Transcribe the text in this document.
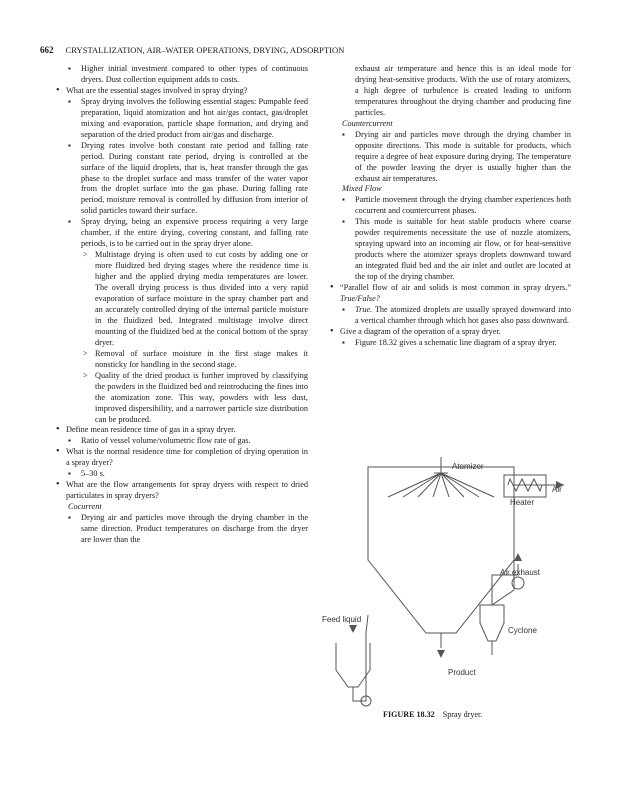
662 CRYSTALLIZATION, AIR–WATER OPERATIONS, DRYING, ADSORPTION
▪ Higher initial investment compared to other types of continuous dryers. Dust collection equipment adds to costs.
• What are the essential stages involved in spray drying?
▪ Spray drying involves the following essential stages: Pumpable feed preparation, liquid atomization and hot air/gas contact, gas/droplet mixing and evaporation, particle shape formation, and drying and separation of the dried product from air/gas and discharge.
▪ Drying rates involve both constant rate period and falling rate period. During constant rate period, drying is controlled at the surface of the liquid droplets, that is, heat transfer through the gas phase to the droplet surface and mass transfer of the water vapor from the droplet surface into the gas phase. During falling rate period, moisture removal is controlled by diffusion from interior of solid particles toward their surface.
▪ Spray drying, being an expensive process requiring a very large chamber, if the entire drying, covering constant, and falling rate periods, is to be carried out in the spray dryer alone.
> Multistage drying is often used to cut costs by adding one or more fluidized bed drying stages where the residence time is higher and the applied drying media temperatures are lower. The overall drying process is thus divided into a very rapid evaporation of surface moisture in the spray chamber part and an accurately controlled drying of the internal particle moisture in the fluidized bed. Integrated multistage involve direct mounting of the fluidized bed at the conical bottom of the spray dryer.
> Removal of surface moisture in the first stage makes it nonsticky for handling in the second stage.
> Quality of the dried product is further improved by classifying the powders in the fluidized bed and reintroducing the fines into the atomization zone. This way, powders with less dust, improved dispersibility, and a narrower particle size distribution can be produced.
• Define mean residence time of gas in a spray dryer.
▪ Ratio of vessel volume/volumetric flow rate of gas.
• What is the normal residence time for completion of drying operation in a spray dryer?
▪ 5–30 s.
• What are the flow arrangements for spray dryers with respect to dried particulates in spray dryers?
Cocurrent
▪ Drying air and particles move through the drying chamber in the same direction. Product temperatures on discharge from the dryer are lower than the
exhaust air temperature and hence this is an ideal mode for drying heat-sensitive products. With the use of rotary atomizers, a high degree of turbulence is created leading to uniform temperatures throughout the drying chamber and producing fine particles.
Countercurrent
▪ Drying air and particles move through the drying chamber in opposite directions. This mode is suitable for products, which require a degree of heat exposure during drying. The temperature of the powder leaving the dryer is usually higher than the exhaust air temperatures.
Mixed Flow
▪ Particle movement through the drying chamber experiences both cocurrent and countercurrent phases.
▪ This mode is suitable for heat stable products where coarse powder requirements necessitate the use of nozzle atomizers, spraying upward into an incoming air flow, or for heat-sensitive products where the atomizer sprays droplets downward toward an integrated fluid bed and the air inlet and outlet are located at the top of the drying chamber.
• “Parallel flow of air and solids is most common in spray dryers.” True/False?
▪ True. The atomized droplets are usually sprayed downward into a vertical chamber through which hot gases also pass downward.
• Give a diagram of the operation of a spray dryer.
▪ Figure 18.32 gives a schematic line diagram of a spray dryer.
Atomizer
Air
Heater
Air exhaust
Feed liquid
Cyclone
Product
FIGURE 18.32 Spray dryer.
